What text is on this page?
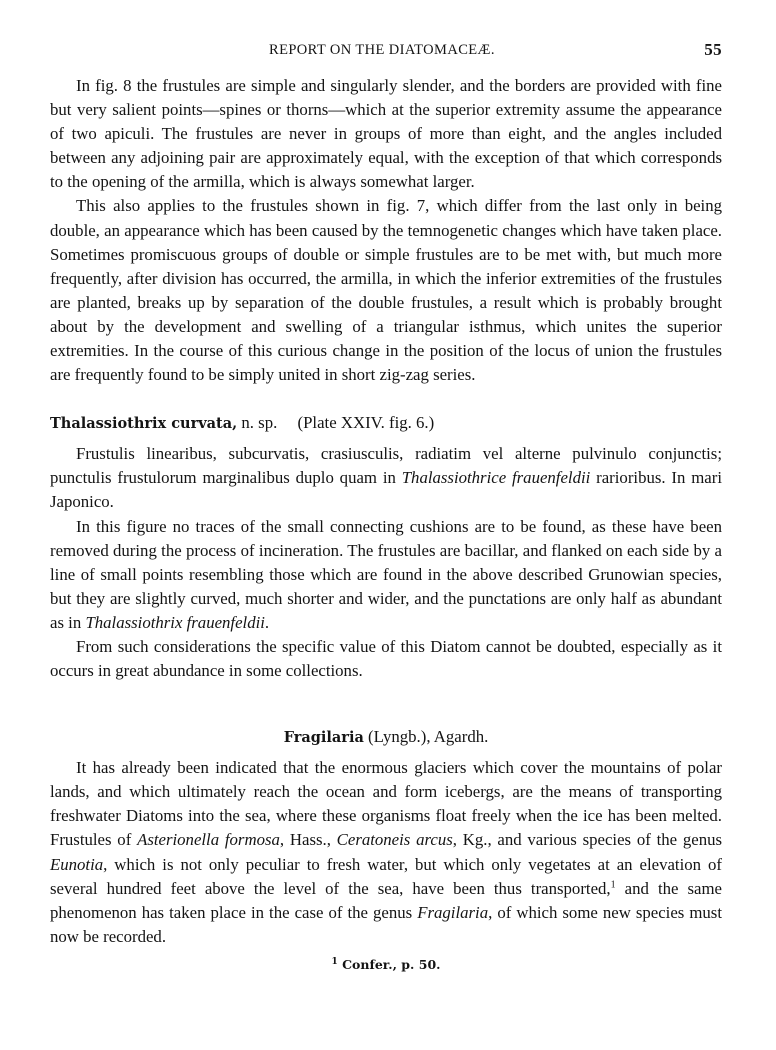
REPORT ON THE DIATOMACEÆ.	55

In fig. 8 the frustules are simple and singularly slender, and the borders are provided with fine but very salient points—spines or thorns—which at the superior extremity assume the appearance of two apiculi. The frustules are never in groups of more than eight, and the angles included between any adjoining pair are approximately equal, with the exception of that which corresponds to the opening of the armilla, which is always somewhat larger.

This also applies to the frustules shown in fig. 7, which differ from the last only in being double, an appearance which has been caused by the temnogenetic changes which have taken place. Sometimes promiscuous groups of double or simple frustules are to be met with, but much more frequently, after division has occurred, the armilla, in which the inferior extremities of the frustules are planted, breaks up by separation of the double frustules, a result which is probably brought about by the development and swelling of a triangular isthmus, which unites the superior extremities. In the course of this curious change in the position of the locus of union the frustules are frequently found to be simply united in short zig-zag series.

Thalassiothrix curvata, n. sp. (Plate XXIV. fig. 6.)

Frustulis linearibus, subcurvatis, crasiusculis, radiatim vel alterne pulvinulo conjunctis; punctulis frustulorum marginalibus duplo quam in Thalassiothrice frauenfeldii rarioribus. In mari Japonico.

In this figure no traces of the small connecting cushions are to be found, as these have been removed during the process of incineration. The frustules are bacillar, and flanked on each side by a line of small points resembling those which are found in the above described Grunowian species, but they are slightly curved, much shorter and wider, and the punctations are only half as abundant as in Thalassiothrix frauenfeldii.

From such considerations the specific value of this Diatom cannot be doubted, especially as it occurs in great abundance in some collections.

Fragilaria (Lyngb.), Agardh.

It has already been indicated that the enormous glaciers which cover the mountains of polar lands, and which ultimately reach the ocean and form icebergs, are the means of transporting freshwater Diatoms into the sea, where these organisms float freely when the ice has been melted. Frustules of Asterionella formosa, Hass., Ceratoneis arcus, Kg., and various species of the genus Eunotia, which is not only peculiar to fresh water, but which only vegetates at an elevation of several hundred feet above the level of the sea, have been thus transported,$^1$ and the same phenomenon has taken place in the case of the genus Fragilaria, of which some new species must now be recorded.

$^1$ Confer., p. 50.
